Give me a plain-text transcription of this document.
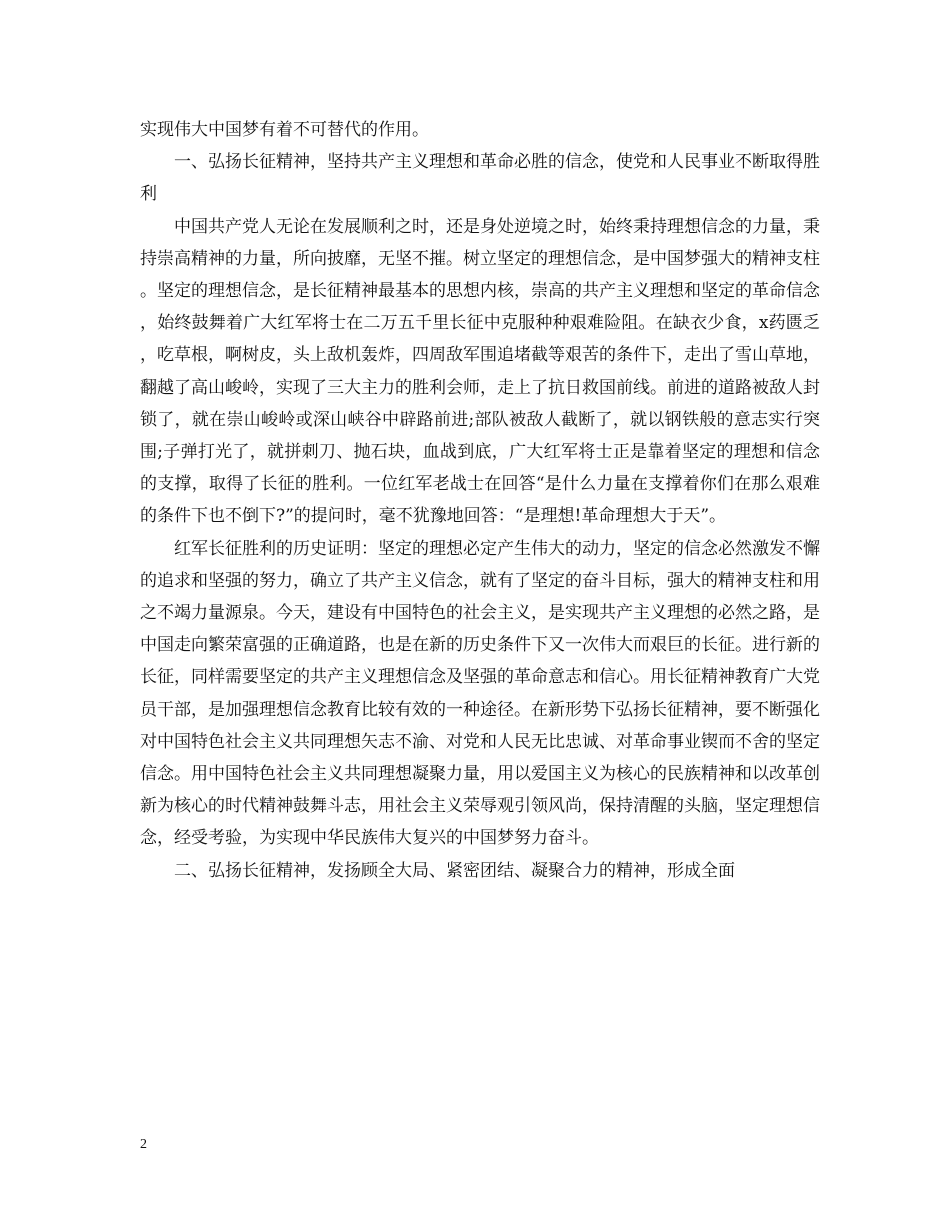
实现伟大中国梦有着不可替代的作用。

一、弘扬长征精神，坚持共产主义理想和革命必胜的信念，使党和人民事业不断取得胜利

中国共产党人无论在发展顺利之时，还是身处逆境之时，始终秉持理想信念的力量，秉持崇高精神的力量，所向披靡，无坚不摧。树立坚定的理想信念，是中国梦强大的精神支柱。坚定的理想信念，是长征精神最基本的思想内核，崇高的共产主义理想和坚定的革命信念，始终鼓舞着广大红军将士在二万五千里长征中克服种种艰难险阻。在缺衣少食，x药匮乏，吃草根，啊树皮，头上敌机轰炸，四周敌军围追堵截等艰苦的条件下，走出了雪山草地，翻越了高山峻岭，实现了三大主力的胜利会师，走上了抗日救国前线。前进的道路被敌人封锁了，就在崇山峻岭或深山峡谷中辟路前进;部队被敌人截断了，就以钢铁般的意志实行突围;子弹打光了，就拼刺刀、抛石块，血战到底，广大红军将士正是靠着坚定的理想和信念的支撑，取得了长征的胜利。一位红军老战士在回答“是什么力量在支撑着你们在那么艰难的条件下也不倒下?”的提问时，毫不犹豫地回答：“是理想!革命理想大于天”。

红军长征胜利的历史证明：坚定的理想必定产生伟大的动力，坚定的信念必然激发不懈的追求和坚强的努力，确立了共产主义信念，就有了坚定的奋斗目标，强大的精神支柱和用之不竭力量源泉。今天，建设有中国特色的社会主义，是实现共产主义理想的必然之路，是中国走向繁荣富强的正确道路，也是在新的历史条件下又一次伟大而艰巨的长征。进行新的长征，同样需要坚定的共产主义理想信念及坚强的革命意志和信心。用长征精神教育广大党员干部，是加强理想信念教育比较有效的一种途径。在新形势下弘扬长征精神，要不断强化对中国特色社会主义共同理想矢志不渝、对党和人民无比忠诚、对革命事业锲而不舍的坚定信念。用中国特色社会主义共同理想凝聚力量，用以爱国主义为核心的民族精神和以改革创新为核心的时代精神鼓舞斗志，用社会主义荣辱观引领风尚，保持清醒的头脑，坚定理想信念，经受考验，为实现中华民族伟大复兴的中国梦努力奋斗。

二、弘扬长征精神，发扬顾全大局、紧密团结、凝聚合力的精神，形成全面

2
